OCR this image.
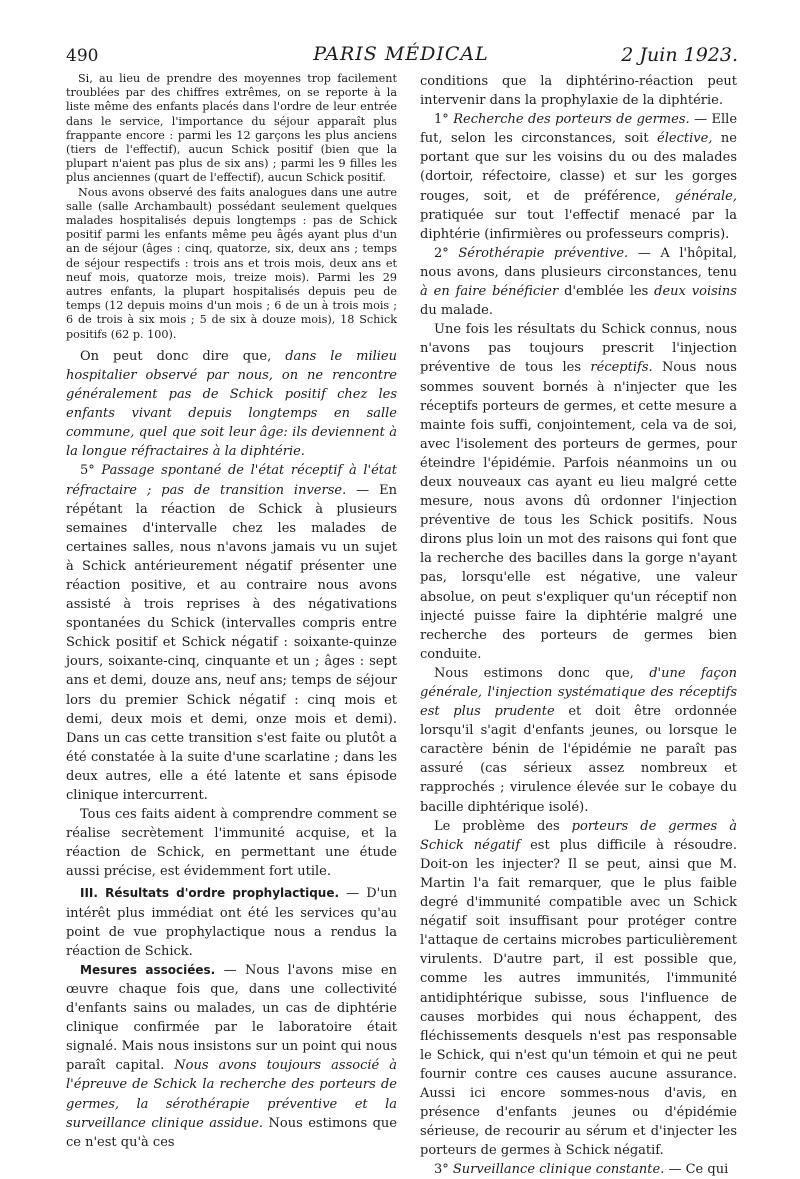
490	PARIS MÉDICAL	2 Juin 1923.

Si, au lieu de prendre des moyennes trop facilement troublées par des chiffres extrêmes, on se reporte à la liste même des enfants placés dans l'ordre de leur entrée dans le service, l'importance du séjour apparaît plus frappante encore : parmi les 12 garçons les plus anciens (tiers de l'effectif), aucun Schick positif (bien que la plupart n'aient pas plus de six ans) ; parmi les 9 filles les plus anciennes (quart de l'effectif), aucun Schick positif.

Nous avons observé des faits analogues dans une autre salle (salle Archambault) possédant seulement quelques malades hospitalisés depuis longtemps : pas de Schick positif parmi les enfants même peu âgés ayant plus d'un an de séjour (âges : cinq, quatorze, six, deux ans ; temps de séjour respectifs : trois ans et trois mois, deux ans et neuf mois, quatorze mois, treize mois). Parmi les 29 autres enfants, la plupart hospitalisés depuis peu de temps (12 depuis moins d'un mois ; 6 de un à trois mois ; 6 de trois à six mois ; 5 de six à douze mois), 18 Schick positifs (62 p. 100).

On peut donc dire que, dans le milieu hospitalier observé par nous, on ne rencontre généralement pas de Schick positif chez les enfants vivant depuis longtemps en salle commune, quel que soit leur âge: ils deviennent à la longue réfractaires à la diphtérie.

5° Passage spontané de l'état réceptif à l'état réfractaire ; pas de transition inverse. — En répétant la réaction de Schick à plusieurs semaines d'intervalle chez les malades de certaines salles, nous n'avons jamais vu un sujet à Schick antérieurement négatif présenter une réaction positive, et au contraire nous avons assisté à trois reprises à des négativations spontanées du Schick (intervalles compris entre Schick positif et Schick négatif : soixante-quinze jours, soixante-cinq, cinquante et un ; âges : sept ans et demi, douze ans, neuf ans; temps de séjour lors du premier Schick négatif : cinq mois et demi, deux mois et demi, onze mois et demi). Dans un cas cette transition s'est faite ou plutôt a été constatée à la suite d'une scarlatine ; dans les deux autres, elle a été latente et sans épisode clinique intercurrent.

Tous ces faits aident à comprendre comment se réalise secrètement l'immunité acquise, et la réaction de Schick, en permettant une étude aussi précise, est évidemment fort utile.

III. Résultats d'ordre prophylactique. — D'un intérêt plus immédiat ont été les services qu'au point de vue prophylactique nous a rendus la réaction de Schick.

Mesures associées. — Nous l'avons mise en œuvre chaque fois que, dans une collectivité d'enfants sains ou malades, un cas de diphtérie clinique confirmée par le laboratoire était signalé. Mais nous insistons sur un point qui nous paraît capital. Nous avons toujours associé à l'épreuve de Schick la recherche des porteurs de germes, la sérothérapie préventive et la surveillance clinique assidue. Nous estimons que ce n'est qu'à ces

conditions que la diphtérino-réaction peut intervenir dans la prophylaxie de la diphtérie.

1° Recherche des porteurs de germes. — Elle fut, selon les circonstances, soit élective, ne portant que sur les voisins du ou des malades (dortoir, réfectoire, classe) et sur les gorges rouges, soit, et de préférence, générale, pratiquée sur tout l'effectif menacé par la diphtérie (infirmières ou professeurs compris).

2° Sérothérapie préventive. — A l'hôpital, nous avons, dans plusieurs circonstances, tenu à en faire bénéficier d'emblée les deux voisins du malade.

Une fois les résultats du Schick connus, nous n'avons pas toujours prescrit l'injection préventive de tous les réceptifs. Nous nous sommes souvent bornés à n'injecter que les réceptifs porteurs de germes, et cette mesure a mainte fois suffi, conjointement, cela va de soi, avec l'isolement des porteurs de germes, pour éteindre l'épidémie. Parfois néanmoins un ou deux nouveaux cas ayant eu lieu malgré cette mesure, nous avons dû ordonner l'injection préventive de tous les Schick positifs. Nous dirons plus loin un mot des raisons qui font que la recherche des bacilles dans la gorge n'ayant pas, lorsqu'elle est négative, une valeur absolue, on peut s'expliquer qu'un réceptif non injecté puisse faire la diphtérie malgré une recherche des porteurs de germes bien conduite.

Nous estimons donc que, d'une façon générale, l'injection systématique des réceptifs est plus prudente et doit être ordonnée lorsqu'il s'agit d'enfants jeunes, ou lorsque le caractère bénin de l'épidémie ne paraît pas assuré (cas sérieux assez nombreux et rapprochés ; virulence élevée sur le cobaye du bacille diphtérique isolé).

Le problème des porteurs de germes à Schick négatif est plus difficile à résoudre. Doit-on les injecter? Il se peut, ainsi que M. Martin l'a fait remarquer, que le plus faible degré d'immunité compatible avec un Schick négatif soit insuffisant pour protéger contre l'attaque de certains microbes particulièrement virulents. D'autre part, il est possible que, comme les autres immunités, l'immunité antidiphtérique subisse, sous l'influence de causes morbides qui nous échappent, des fléchissements desquels n'est pas responsable le Schick, qui n'est qu'un témoin et qui ne peut fournir contre ces causes aucune assurance. Aussi ici encore sommes-nous d'avis, en présence d'enfants jeunes ou d'épidémie sérieuse, de recourir au sérum et d'injecter les porteurs de germes à Schick négatif.

3° Surveillance clinique constante. — Ce qui
